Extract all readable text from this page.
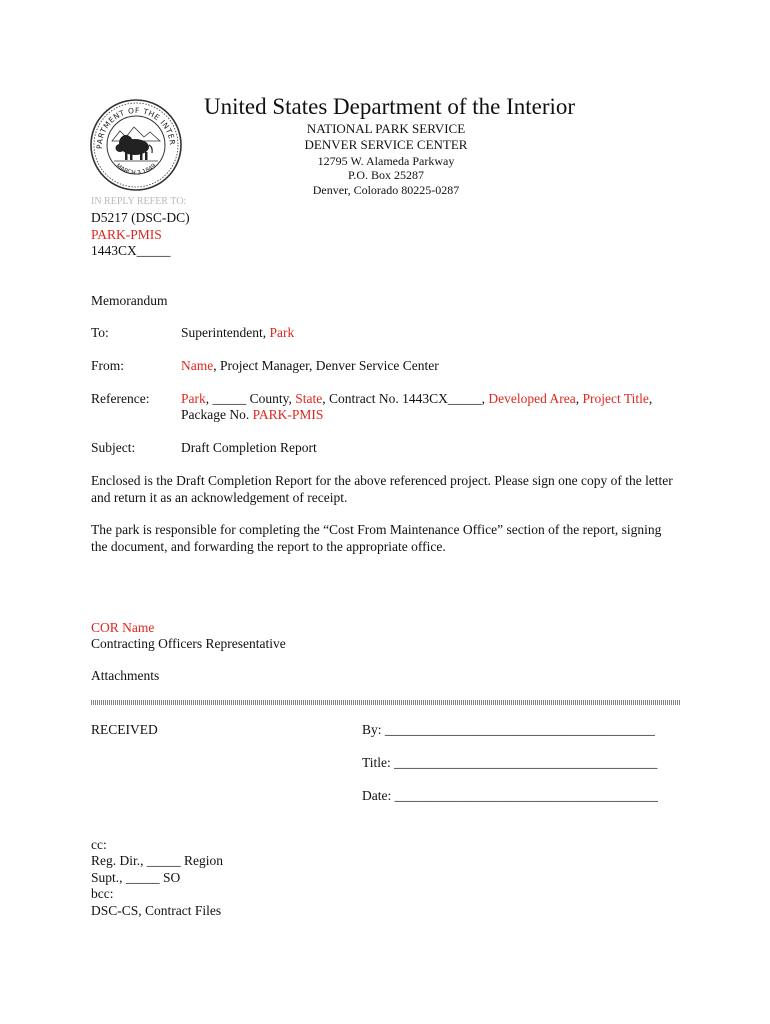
PARTMENT OF THE INTER
MARCH 3 1849
United States Department of the Interior
NATIONAL PARK SERVICE
DENVER SERVICE CENTER
12795 W. Alameda Parkway
P.O. Box 25287
Denver, Colorado 80225-0287
IN REPLY REFER TO:
D5217 (DSC-DC)
PARK-PMIS
1443CX_____
Memorandum
To:	Superintendent, Park
From:	Name, Project Manager, Denver Service Center
Reference: Park, _____ County, State, Contract No. 1443CX_____, Developed Area, Project Title,
Package No. PARK-PMIS
Subject:	Draft Completion Report
Enclosed is the Draft Completion Report for the above referenced project. Please sign one copy of the letter and return it as an acknowledgement of receipt.
The park is responsible for completing the “Cost From Maintenance Office” section of the report, signing the document, and forwarding the report to the appropriate office.
COR Name
Contracting Officers Representative
Attachments
RECEIVED	By: ________________________________________
Title: _______________________________________
Date: _______________________________________
cc:
Reg. Dir., _____ Region
Supt., _____ SO
bcc:
DSC-CS, Contract Files
